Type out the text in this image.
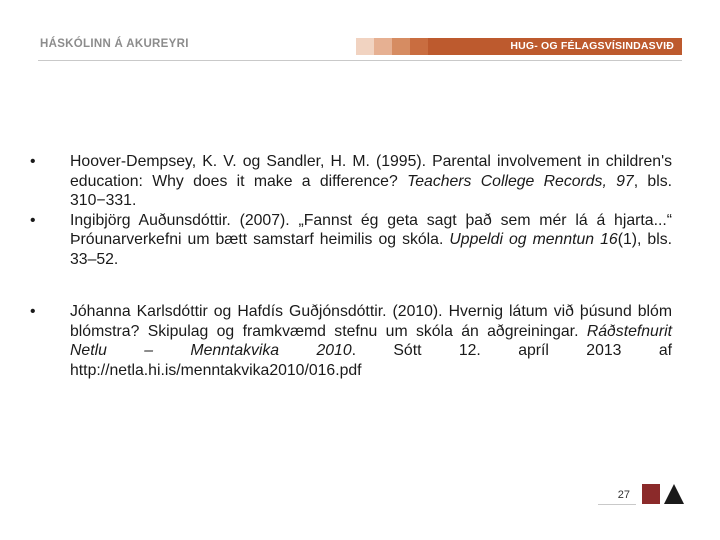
HÁSKÓLINN Á AKUREYRI	HUG- OG FÉLAGSVÍSINDASVIÐ
• Hoover-Dempsey, K. V. og Sandler, H. M. (1995). Parental involvement in children's education: Why does it make a difference? Teachers College Records, 97, bls. 310−331.
• Ingibjörg Auðunsdóttir. (2007). „Fannst ég geta sagt það sem mér lá á hjarta...“ Þróunarverkefni um bætt samstarf heimilis og skóla. Uppeldi og menntun 16(1), bls. 33–52.
• Jóhanna Karlsdóttir og Hafdís Guðjónsdóttir. (2010). Hvernig látum við þúsund blóm blómstra? Skipulag og framkvæmd stefnu um skóla án aðgreiningar. Ráðstefnurit Netlu – Menntakvika 2010. Sótt 12. apríl 2013 af http://netla.hi.is/menntakvika2010/016.pdf
27
